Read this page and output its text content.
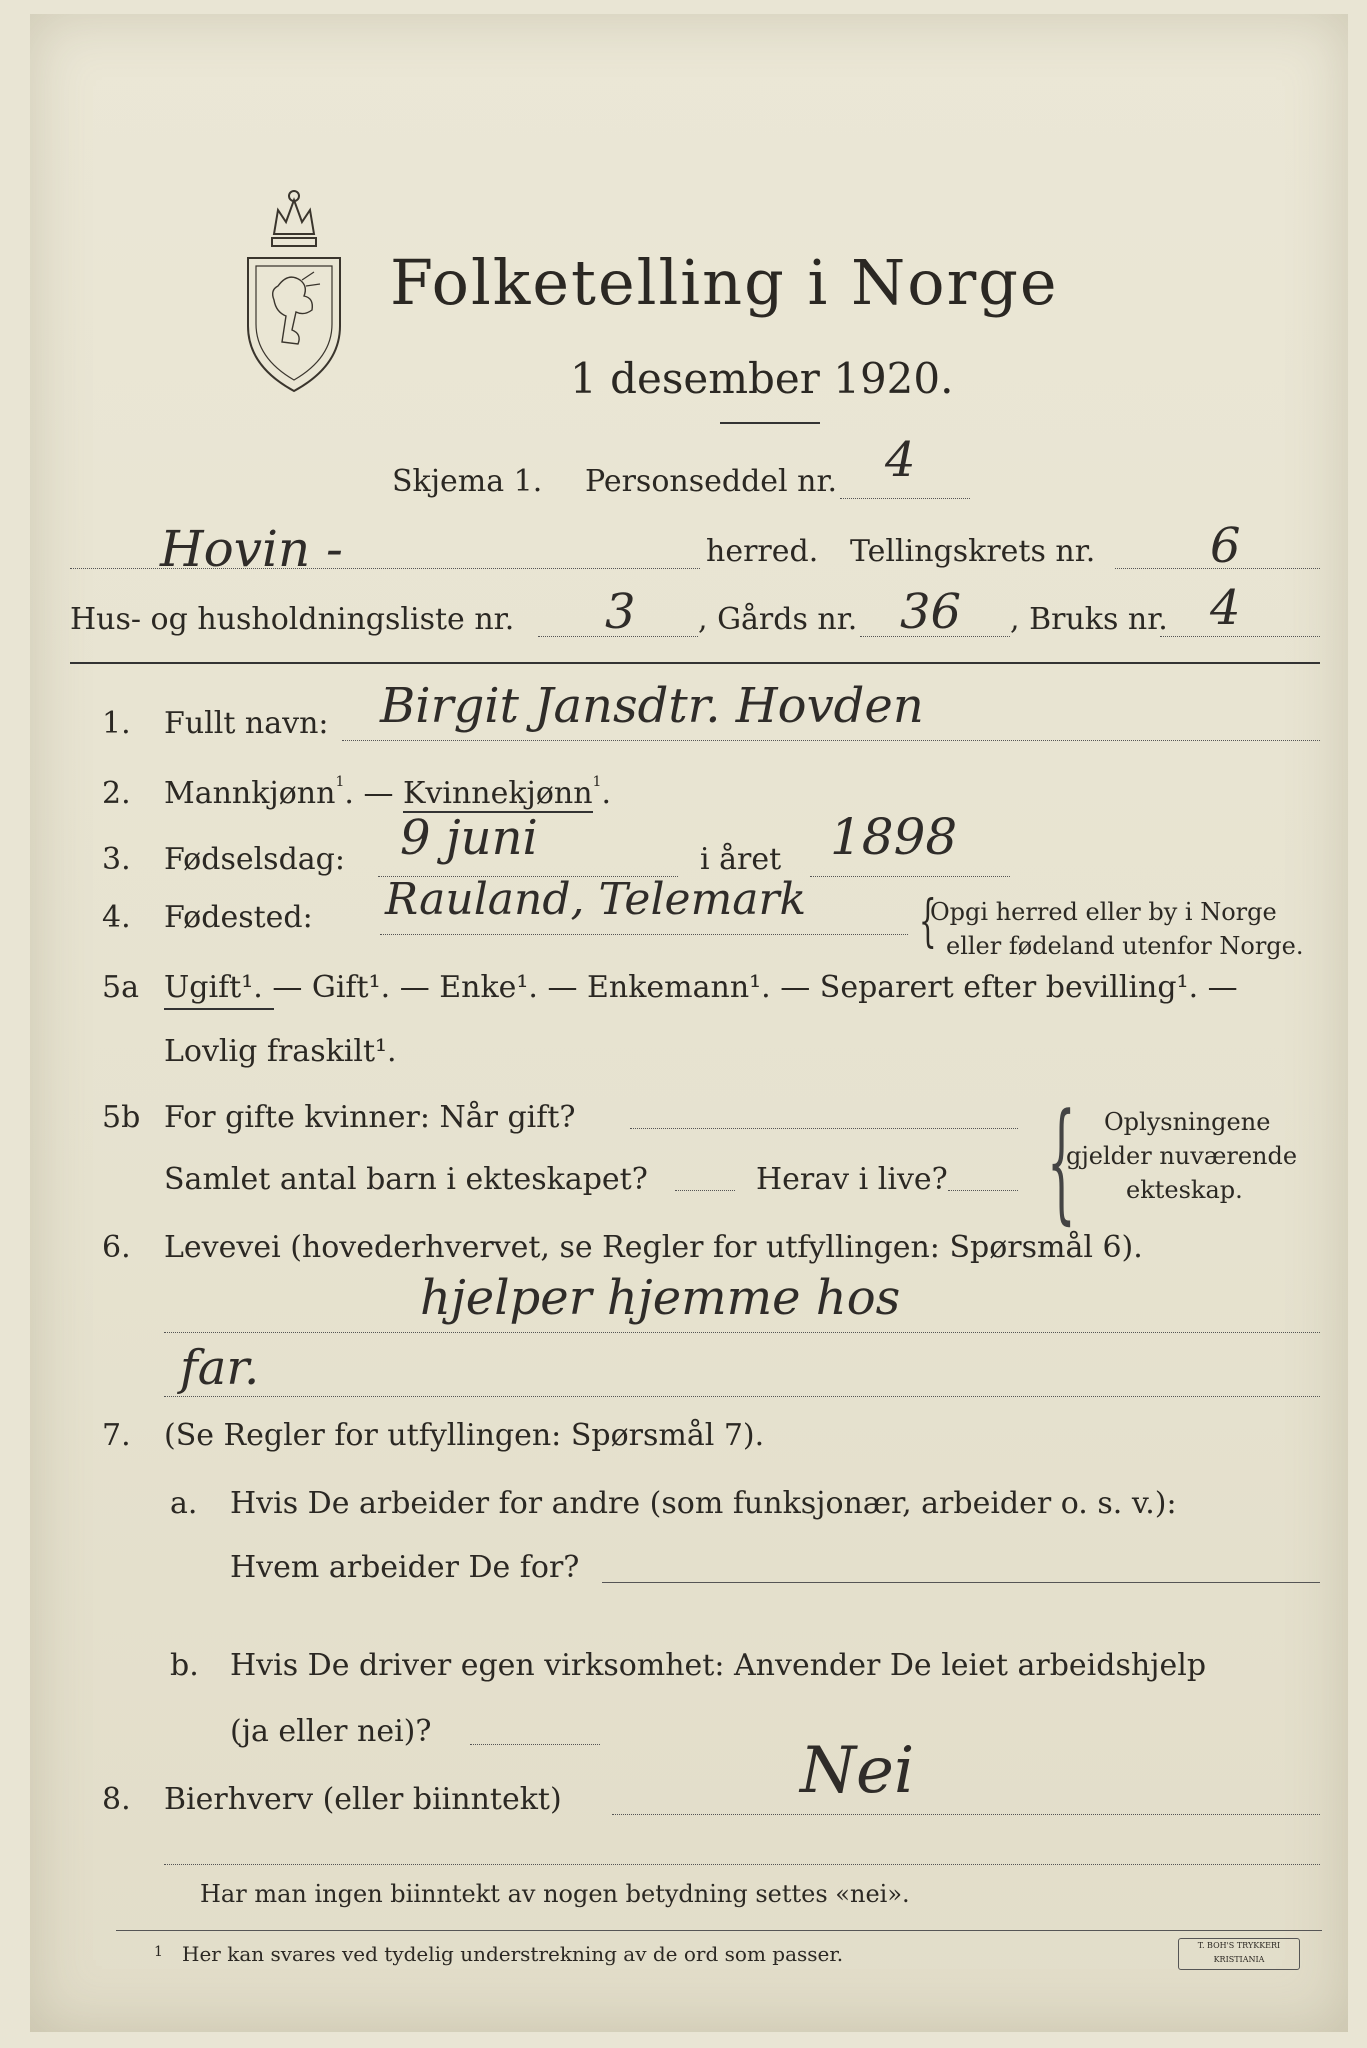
Folketelling i Norge
1 desember 1920.
Skjema 1. Personseddel nr. 4
Hovin -	herred. Tellingskrets nr. 6
Hus- og husholdningsliste nr. 3 , Gårds nr. 36 , Bruks nr. 4
1. Fullt navn: Birgit Jansdtr. Hovden
2. Mannkjønn$^1$. — Kvinnekjønn$^1$.
3. Fødselsdag: 9 juni	i året 1898
4. Fødested: Rauland, Telemark {
Opgi herred eller by i Norge
eller fødeland utenfor Norge.
5a Ugift¹. — Gift¹. — Enke¹. — Enkemann¹. — Separert efter bevilling¹. —
Lovlig fraskilt¹.
5b For gifte kvinner: Når gift?
Samlet antal barn i ekteskapet?	Herav i live? { Oplysningene
gjelder nuværende
ekteskap.
6. Levevei (hovederhvervet, se Regler for utfyllingen: Spørsmål 6).
hjelper hjemme hos
far.
7. (Se Regler for utfyllingen: Spørsmål 7).
a. Hvis De arbeider for andre (som funksjonær, arbeider o. s. v.):
Hvem arbeider De for?
b. Hvis De driver egen virksomhet: Anvender De leiet arbeidshjelp
(ja eller nei)?
8. Bierhverv (eller biinntekt)	Nei
Har man ingen biinntekt av nogen betydning settes «nei».
1 Her kan svares ved tydelig understrekning av de ord som passer.	T. BOH'S TRYKKERI KRISTIANIA
